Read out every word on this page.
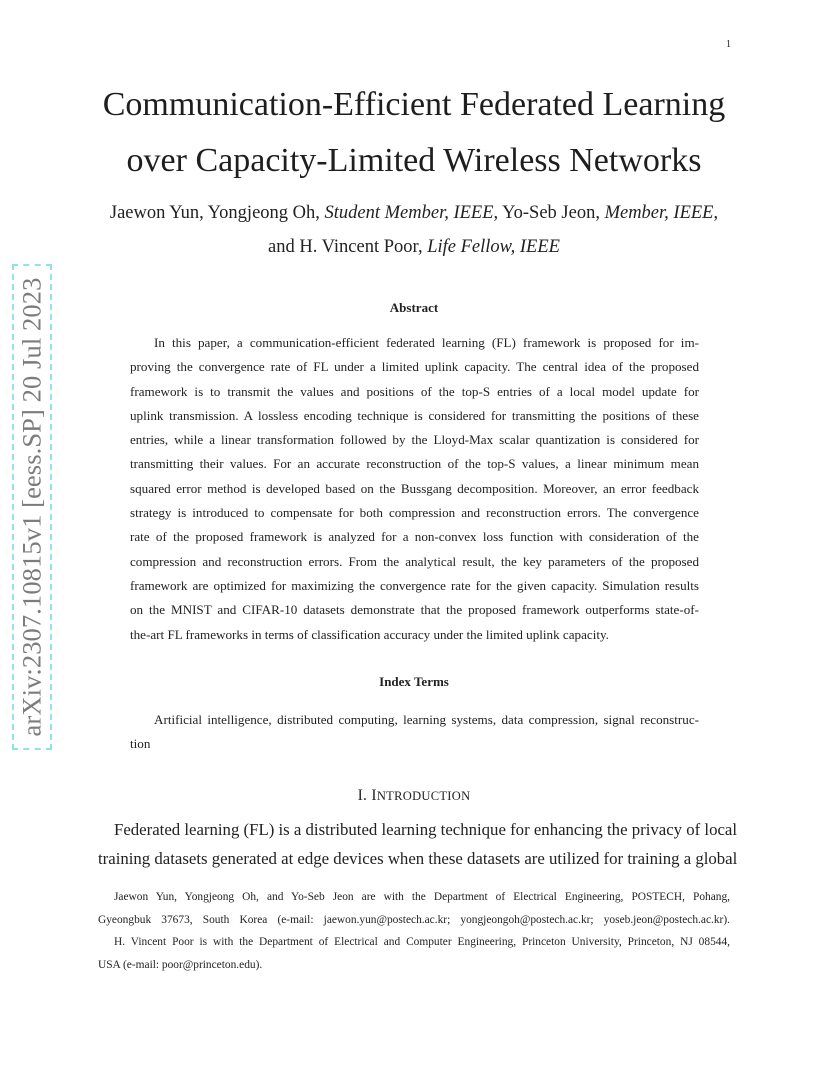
1
arXiv:2307.10815v1 [eess.SP] 20 Jul 2023
Communication-Efficient Federated Learning
over Capacity-Limited Wireless Networks
Jaewon Yun, Yongjeong Oh, Student Member, IEEE, Yo-Seb Jeon, Member, IEEE,
and H. Vincent Poor, Life Fellow, IEEE
Abstract
In this paper, a communication-efficient federated learning (FL) framework is proposed for im-
proving the convergence rate of FL under a limited uplink capacity. The central idea of the proposed
framework is to transmit the values and positions of the top-S entries of a local model update for
uplink transmission. A lossless encoding technique is considered for transmitting the positions of these
entries, while a linear transformation followed by the Lloyd-Max scalar quantization is considered for
transmitting their values. For an accurate reconstruction of the top-S values, a linear minimum mean
squared error method is developed based on the Bussgang decomposition. Moreover, an error feedback
strategy is introduced to compensate for both compression and reconstruction errors. The convergence
rate of the proposed framework is analyzed for a non-convex loss function with consideration of the
compression and reconstruction errors. From the analytical result, the key parameters of the proposed
framework are optimized for maximizing the convergence rate for the given capacity. Simulation results
on the MNIST and CIFAR-10 datasets demonstrate that the proposed framework outperforms state-of-
the-art FL frameworks in terms of classification accuracy under the limited uplink capacity.
Index Terms
Artificial intelligence, distributed computing, learning systems, data compression, signal reconstruc-
tion
I. INTRODUCTION
Federated learning (FL) is a distributed learning technique for enhancing the privacy of local
training datasets generated at edge devices when these datasets are utilized for training a global
Jaewon Yun, Yongjeong Oh, and Yo-Seb Jeon are with the Department of Electrical Engineering, POSTECH, Pohang,
Gyeongbuk 37673, South Korea (e-mail: jaewon.yun@postech.ac.kr; yongjeongoh@postech.ac.kr; yoseb.jeon@postech.ac.kr).
H. Vincent Poor is with the Department of Electrical and Computer Engineering, Princeton University, Princeton, NJ 08544,
USA (e-mail: poor@princeton.edu).
